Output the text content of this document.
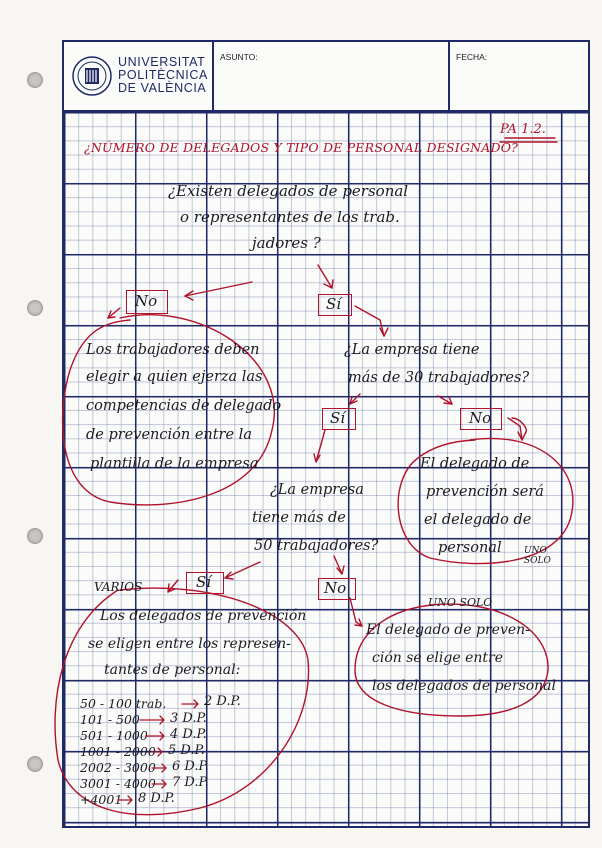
UNIVERSITAT
POLITÈCNICA
DE VALÈNCIA
ASUNTO:	FECHA:
PA 1.2.
¿NÚMERO DE DELEGADOS Y TIPO DE PERSONAL DESIGNADO?
¿Existen delegados de personal
o representantes de los trab.
jadores ?
No	Sí
Los trabajadores deben
elegir a quien ejerza las
competencias de delegado
de prevención entre la
plantilla de la empresa
¿La empresa tiene
más de 30 trabajadores?
Sí	No
El delegado de
prevención será
el delegado de
personal UNO SOLO
¿La empresa
tiene más de
50 trabajadores?
VARIOS	Sí	No
UNO SOLO
Los delegados de prevención
se eligen entre los represen-
tantes de personal:
El delegado de preven-
ción se elige entre
los delegados de personal
50 - 100 trab.	2 D.P.
101 - 500 3 D.P.
501 - 1000 4 D.P.
1001 - 2000 5 D.P.
2002 - 3000 6 D.P.
3001 - 4000 7 D.P.
+4001 8 D.P.
